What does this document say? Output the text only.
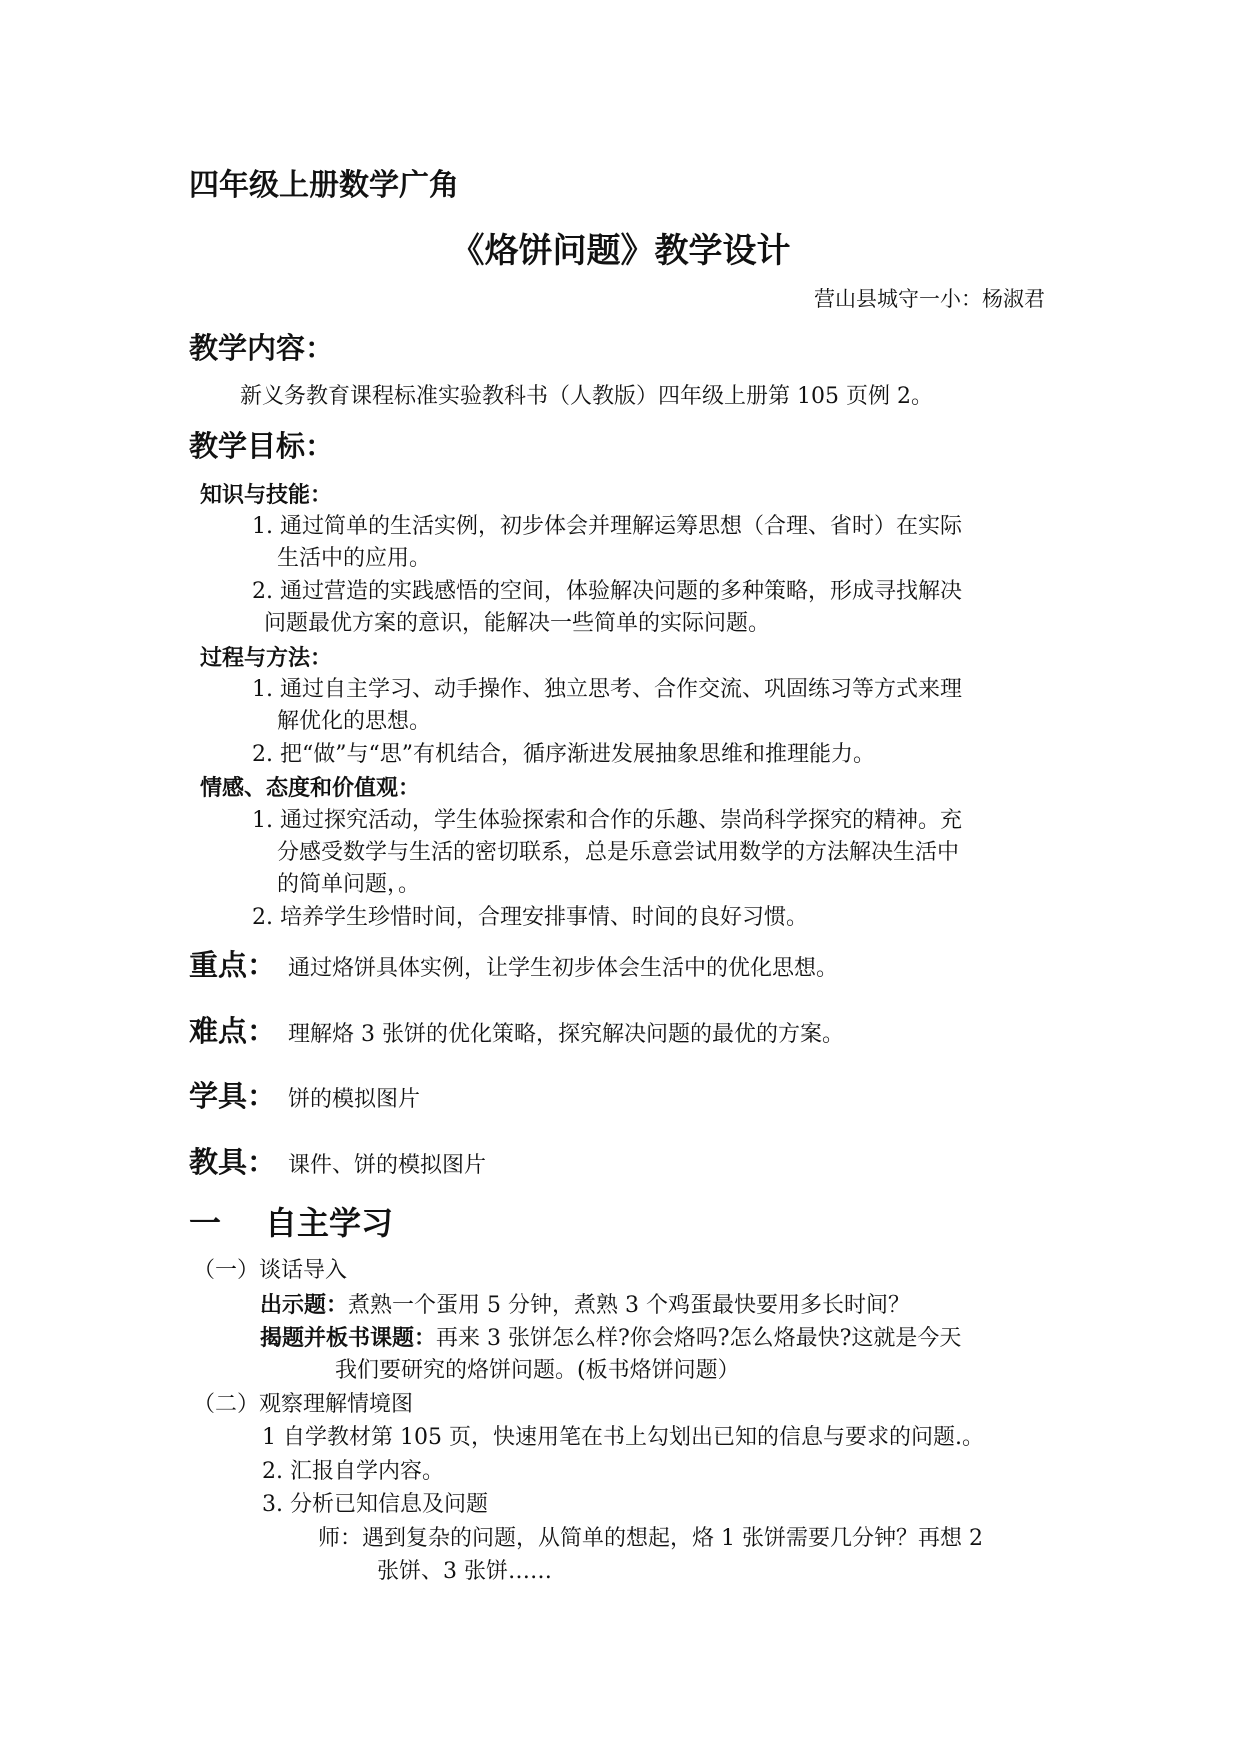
四年级上册数学广角
《烙饼问题》教学设计
营山县城守一小：杨淑君
教学内容：
新义务教育课程标准实验教科书（人教版）四年级上册第 105 页例 2。
教学目标：
知识与技能：
1. 通过简单的生活实例，初步体会并理解运筹思想（合理、省时）在实际
生活中的应用。
2. 通过营造的实践感悟的空间，体验解决问题的多种策略，形成寻找解决
问题最优方案的意识，能解决一些简单的实际问题。
过程与方法：
1. 通过自主学习、动手操作、独立思考、合作交流、巩固练习等方式来理
解优化的思想。
2. 把“做”与“思”有机结合，循序渐进发展抽象思维和推理能力。
情感、态度和价值观：
1. 通过探究活动，学生体验探索和合作的乐趣、崇尚科学探究的精神。充
分感受数学与生活的密切联系，总是乐意尝试用数学的方法解决生活中
的简单问题，。
2. 培养学生珍惜时间，合理安排事情、时间的良好习惯。
重点： 通过烙饼具体实例，让学生初步体会生活中的优化思想。
难点： 理解烙 3 张饼的优化策略，探究解决问题的最优的方案。
学具： 饼的模拟图片
教具： 课件、饼的模拟图片
一 自主学习
（一）谈话导入
出示题：煮熟一个蛋用 5 分钟，煮熟 3 个鸡蛋最快要用多长时间？
揭题并板书课题：再来 3 张饼怎么样?你会烙吗?怎么烙最快?这就是今天
我们要研究的烙饼问题。(板书烙饼问题）
（二）观察理解情境图
1 自学教材第 105 页，快速用笔在书上勾划出已知的信息与要求的问题.。
2. 汇报自学内容。
3. 分析已知信息及问题
师：遇到复杂的问题，从简单的想起，烙 1 张饼需要几分钟？再想 2
张饼、3 张饼……
